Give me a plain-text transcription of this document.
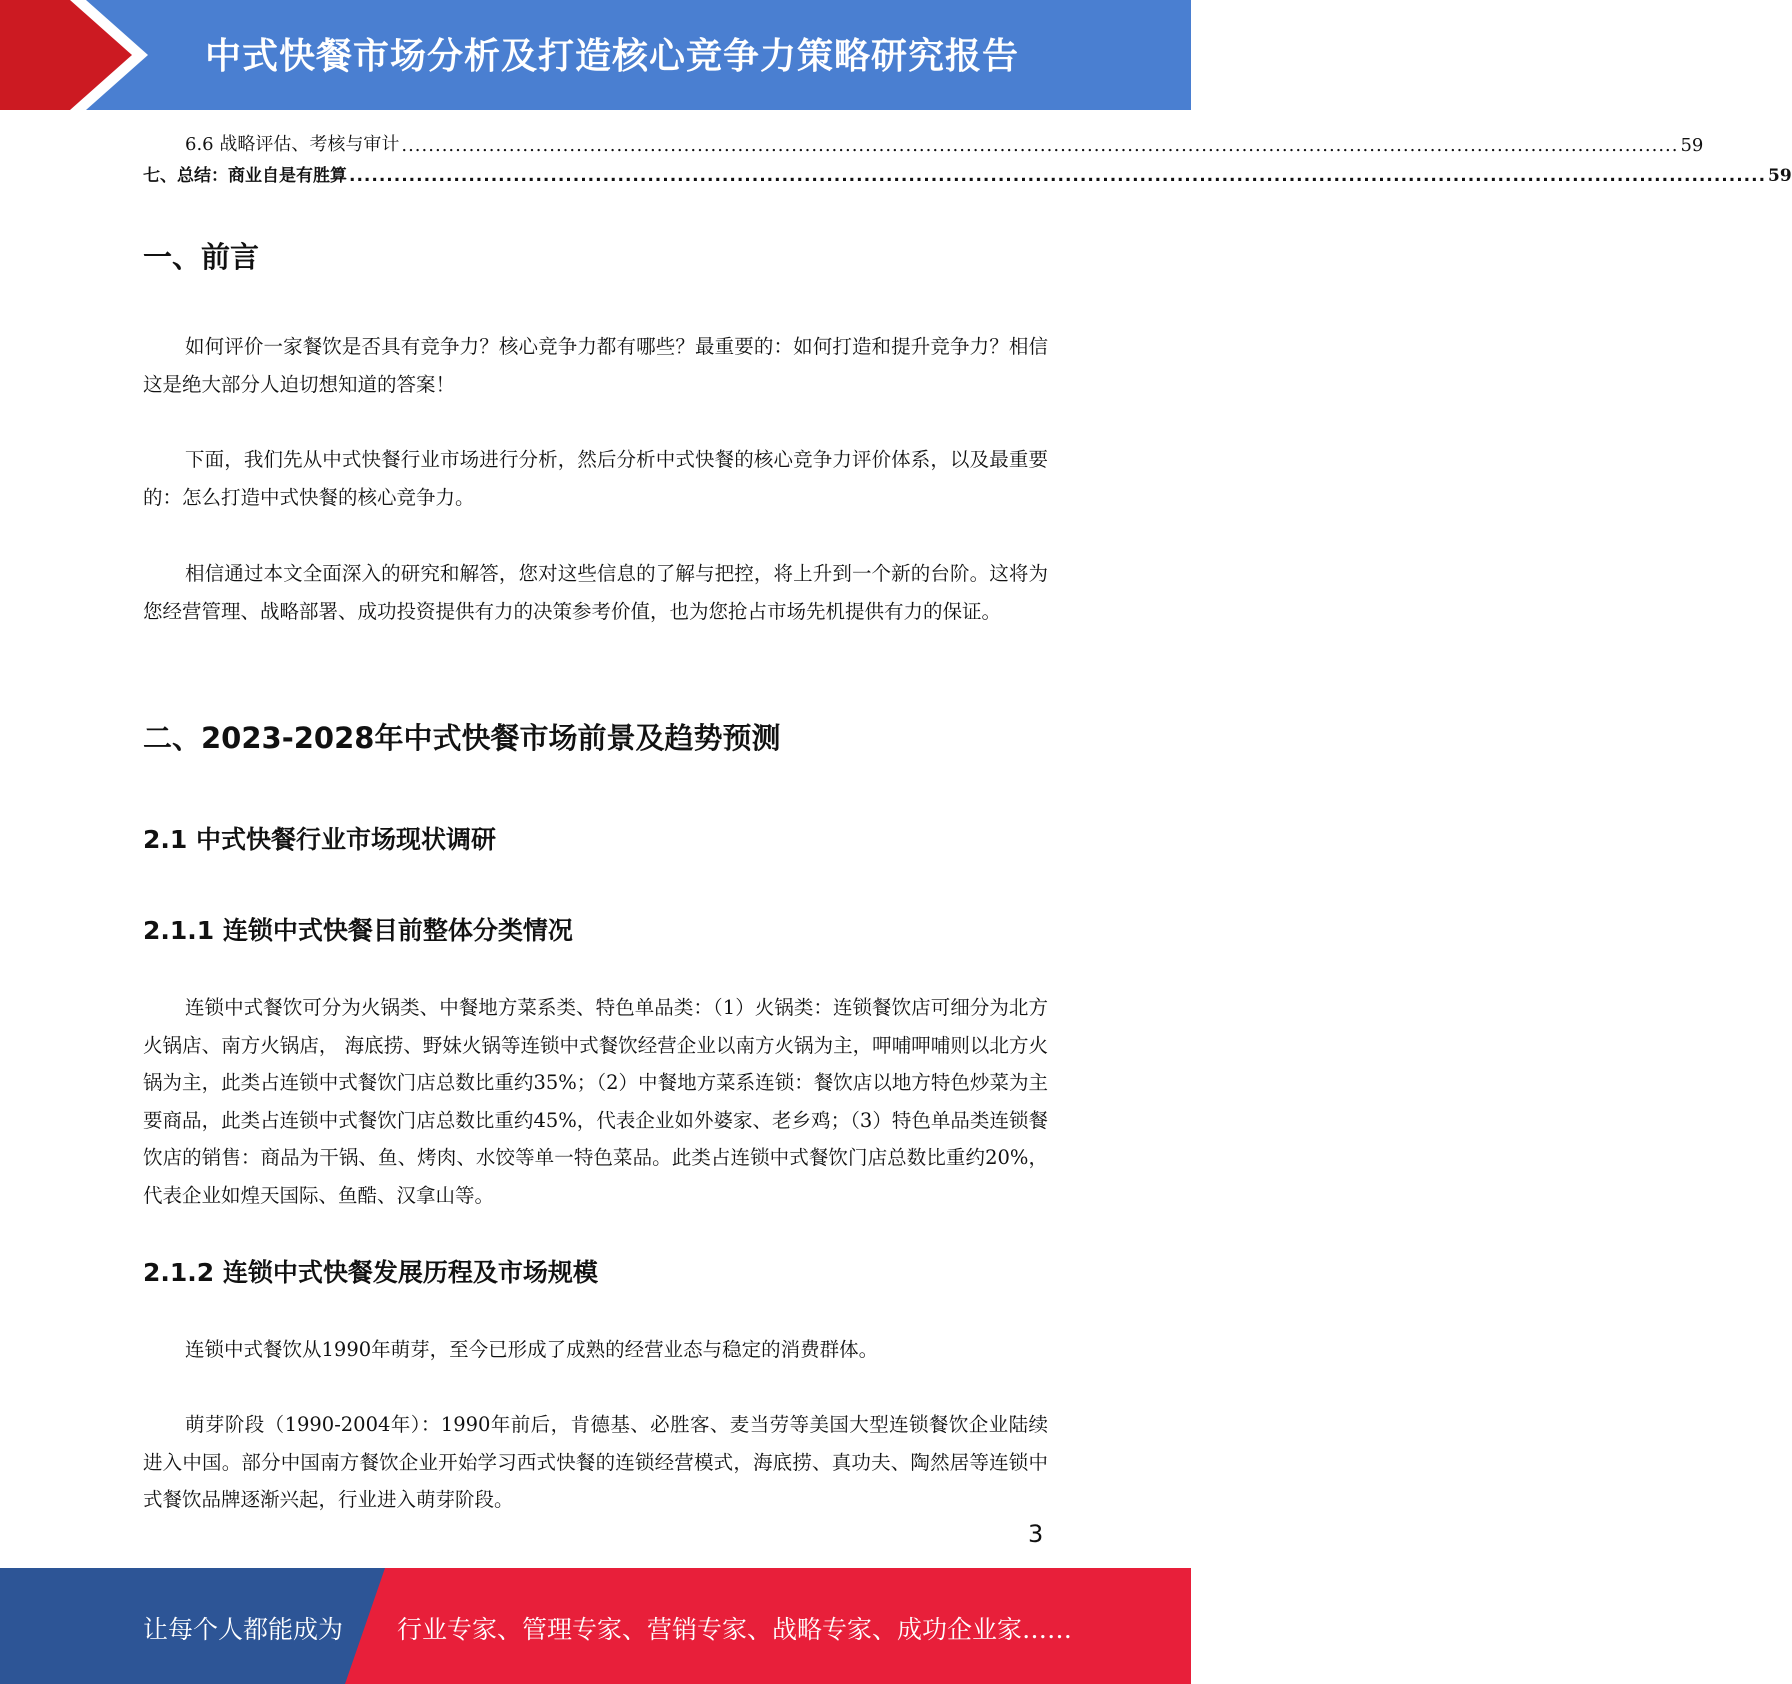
中式快餐市场分析及打造核心竞争力策略研究报告
6.6 战略评估、考核与审计 .............................................................................................................................................................................................. 59
七、总结：商业自是有胜算 .............................................................................................................................................................................................. 59
一、前言

如何评价一家餐饮是否具有竞争力？核心竞争力都有哪些？最重要的：如何打造和提升竞争力？相信这是绝大部分人迫切想知道的答案！

下面，我们先从中式快餐行业市场进行分析，然后分析中式快餐的核心竞争力评价体系，以及最重要的：怎么打造中式快餐的核心竞争力。

相信通过本文全面深入的研究和解答，您对这些信息的了解与把控，将上升到一个新的台阶。这将为您经营管理、战略部署、成功投资提供有力的决策参考价值，也为您抢占市场先机提供有力的保证。

二、2023-2028年中式快餐市场前景及趋势预测
2.1 中式快餐行业市场现状调研
2.1.1 连锁中式快餐目前整体分类情况

连锁中式餐饮可分为火锅类、中餐地方菜系类、特色单品类：（1）火锅类：连锁餐饮店可细分为北方火锅店、南方火锅店， 海底捞、野妹火锅等连锁中式餐饮经营企业以南方火锅为主，呷哺呷哺则以北方火锅为主，此类占连锁中式餐饮门店总数比重约35%；（2）中餐地方菜系连锁：餐饮店以地方特色炒菜为主要商品，此类占连锁中式餐饮门店总数比重约45%，代表企业如外婆家、老乡鸡；（3）特色单品类连锁餐饮店的销售：商品为干锅、鱼、烤肉、水饺等单一特色菜品。此类占连锁中式餐饮门店总数比重约20%，代表企业如煌天国际、鱼酷、汉拿山等。

2.1.2 连锁中式快餐发展历程及市场规模

连锁中式餐饮从1990年萌芽，至今已形成了成熟的经营业态与稳定的消费群体。

萌芽阶段（1990-2004年）：1990年前后，肯德基、必胜客、麦当劳等美国大型连锁餐饮企业陆续进入中国。部分中国南方餐饮企业开始学习西式快餐的连锁经营模式，海底捞、真功夫、陶然居等连锁中式餐饮品牌逐渐兴起，行业进入萌芽阶段。

3
让每个人都能成为 行业专家、管理专家、营销专家、战略专家、成功企业家……
